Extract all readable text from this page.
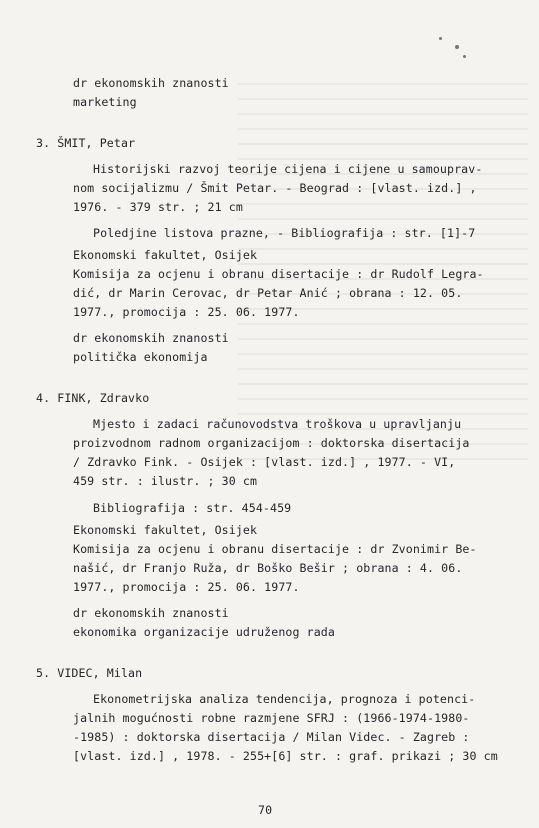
dr ekonomskih znanosti
marketing
3. ŠMIT, Petar
Historijski razvoj teorije cijena i cijene u samouprav-
nom socijalizmu / Šmit Petar. - Beograd : [vlast. izd.] ,
1976. - 379 str. ; 21 cm
Poledjine listova prazne, - Bibliografija : str. [1]-7
Ekonomski fakultet, Osijek
Komisija za ocjenu i obranu disertacije : dr Rudolf Legra-
dić, dr Marin Cerovac, dr Petar Anić ; obrana : 12. 05.
1977., promocija : 25. 06. 1977.
dr ekonomskih znanosti
politička ekonomija
4. FINK, Zdravko
Mjesto i zadaci računovodstva troškova u upravljanju
proizvodnom radnom organizacijom : doktorska disertacija
/ Zdravko Fink. - Osijek : [vlast. izd.] , 1977. - VI,
459 str. : ilustr. ; 30 cm
Bibliografija : str. 454-459
Ekonomski fakultet, Osijek
Komisija za ocjenu i obranu disertacije : dr Zvonimir Be-
našić, dr Franjo Ruža, dr Boško Bešir ; obrana : 4. 06.
1977., promocija : 25. 06. 1977.
dr ekonomskih znanosti
ekonomika organizacije udruženog rada
5. VIDEC, Milan
Ekonometrijska analiza tendencija, prognoza i potenci-
jalnih mogućnosti robne razmjene SFRJ : (1966-1974-1980-
-1985) : doktorska disertacija / Milan Videc. - Zagreb :
[vlast. izd.] , 1978. - 255+[6] str. : graf. prikazi ; 30 cm
70
